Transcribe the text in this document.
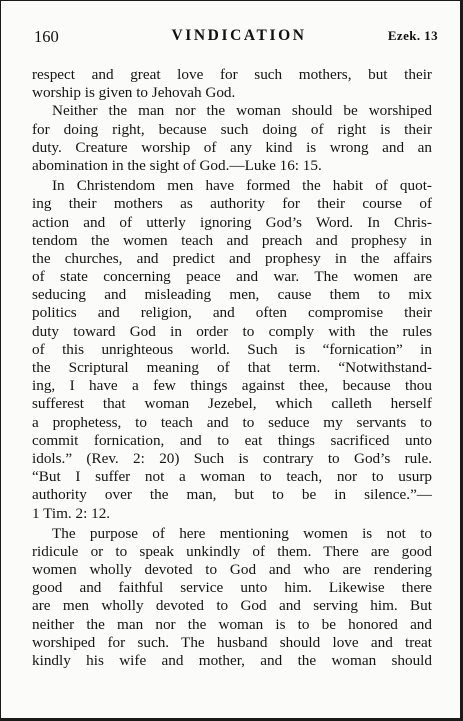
160	VINDICATION	Ezek. 13
respect and great love for such mothers, but their
worship is given to Jehovah God.
Neither the man nor the woman should be worshiped
for doing right, because such doing of right is their
duty. Creature worship of any kind is wrong and an
abomination in the sight of God.—Luke 16: 15.
In Christendom men have formed the habit of quot-
ing their mothers as authority for their course of
action and of utterly ignoring God’s Word. In Chris-
tendom the women teach and preach and prophesy in
the churches, and predict and prophesy in the affairs
of state concerning peace and war. The women are
seducing and misleading men, cause them to mix
politics and religion, and often compromise their
duty toward God in order to comply with the rules
of this unrighteous world. Such is “fornication” in
the Scriptural meaning of that term. “Notwithstand-
ing, I have a few things against thee, because thou
sufferest that woman Jezebel, which calleth herself
a prophetess, to teach and to seduce my servants to
commit fornication, and to eat things sacrificed unto
idols.” (Rev. 2: 20) Such is contrary to God’s rule.
“But I suffer not a woman to teach, nor to usurp
authority over the man, but to be in silence.”—
1 Tim. 2: 12.
The purpose of here mentioning women is not to
ridicule or to speak unkindly of them. There are good
women wholly devoted to God and who are rendering
good and faithful service unto him. Likewise there
are men wholly devoted to God and serving him. But
neither the man nor the woman is to be honored and
worshiped for such. The husband should love and treat
kindly his wife and mother, and the woman should
